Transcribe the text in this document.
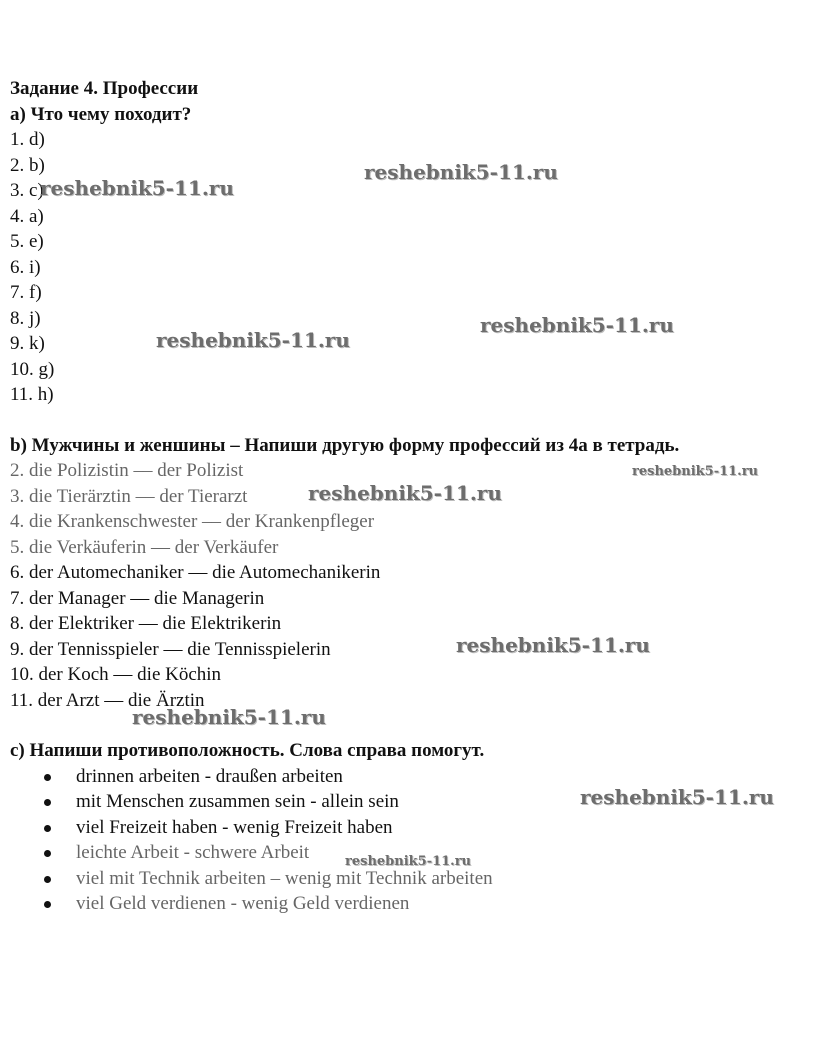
Задание 4. Профессии
a) Что чему походит?
1. d)
2. b)
3. c)
4. a)
5. e)
6. i)
7. f)
8. j)
9. k)
10. g)
11. h)
b) Мужчины и женшины – Напиши другую форму профессий из 4а в тетрадь.
2. die Polizistin –– der Polizist
3. die Tierärztin –– der Tierarzt
4. die Krankenschwester –– der Krankenpfleger
5. die Verkäuferin — der Verkäufer
6. der Automechaniker — die Automechanikerin
7. der Manager — die Managerin
8. der Elektriker — die Elektrikerin
9. der Tennisspieler — die Tennisspielerin
10. der Koch — die Köchin
11. der Arzt — die Ärztin
c) Напиши противоположность. Слова справа помогут.
drinnen arbeiten - draußen arbeiten
mit Menschen zusammen sein - allein sein
viel Freizeit haben - wenig Freizeit haben
leichte Arbeit - schwere Arbeit
viel mit Technik arbeiten – wenig mit Technik arbeiten
viel Geld verdienen - wenig Geld verdienen
reshebnik5-11.ru
reshebnik5-11.ru
reshebnik5-11.ru
reshebnik5-11.ru
reshebnik5-11.ru
reshebnik5-11.ru
reshebnik5-11.ru
reshebnik5-11.ru
reshebnik5-11.ru
reshebnik5-11.ru
